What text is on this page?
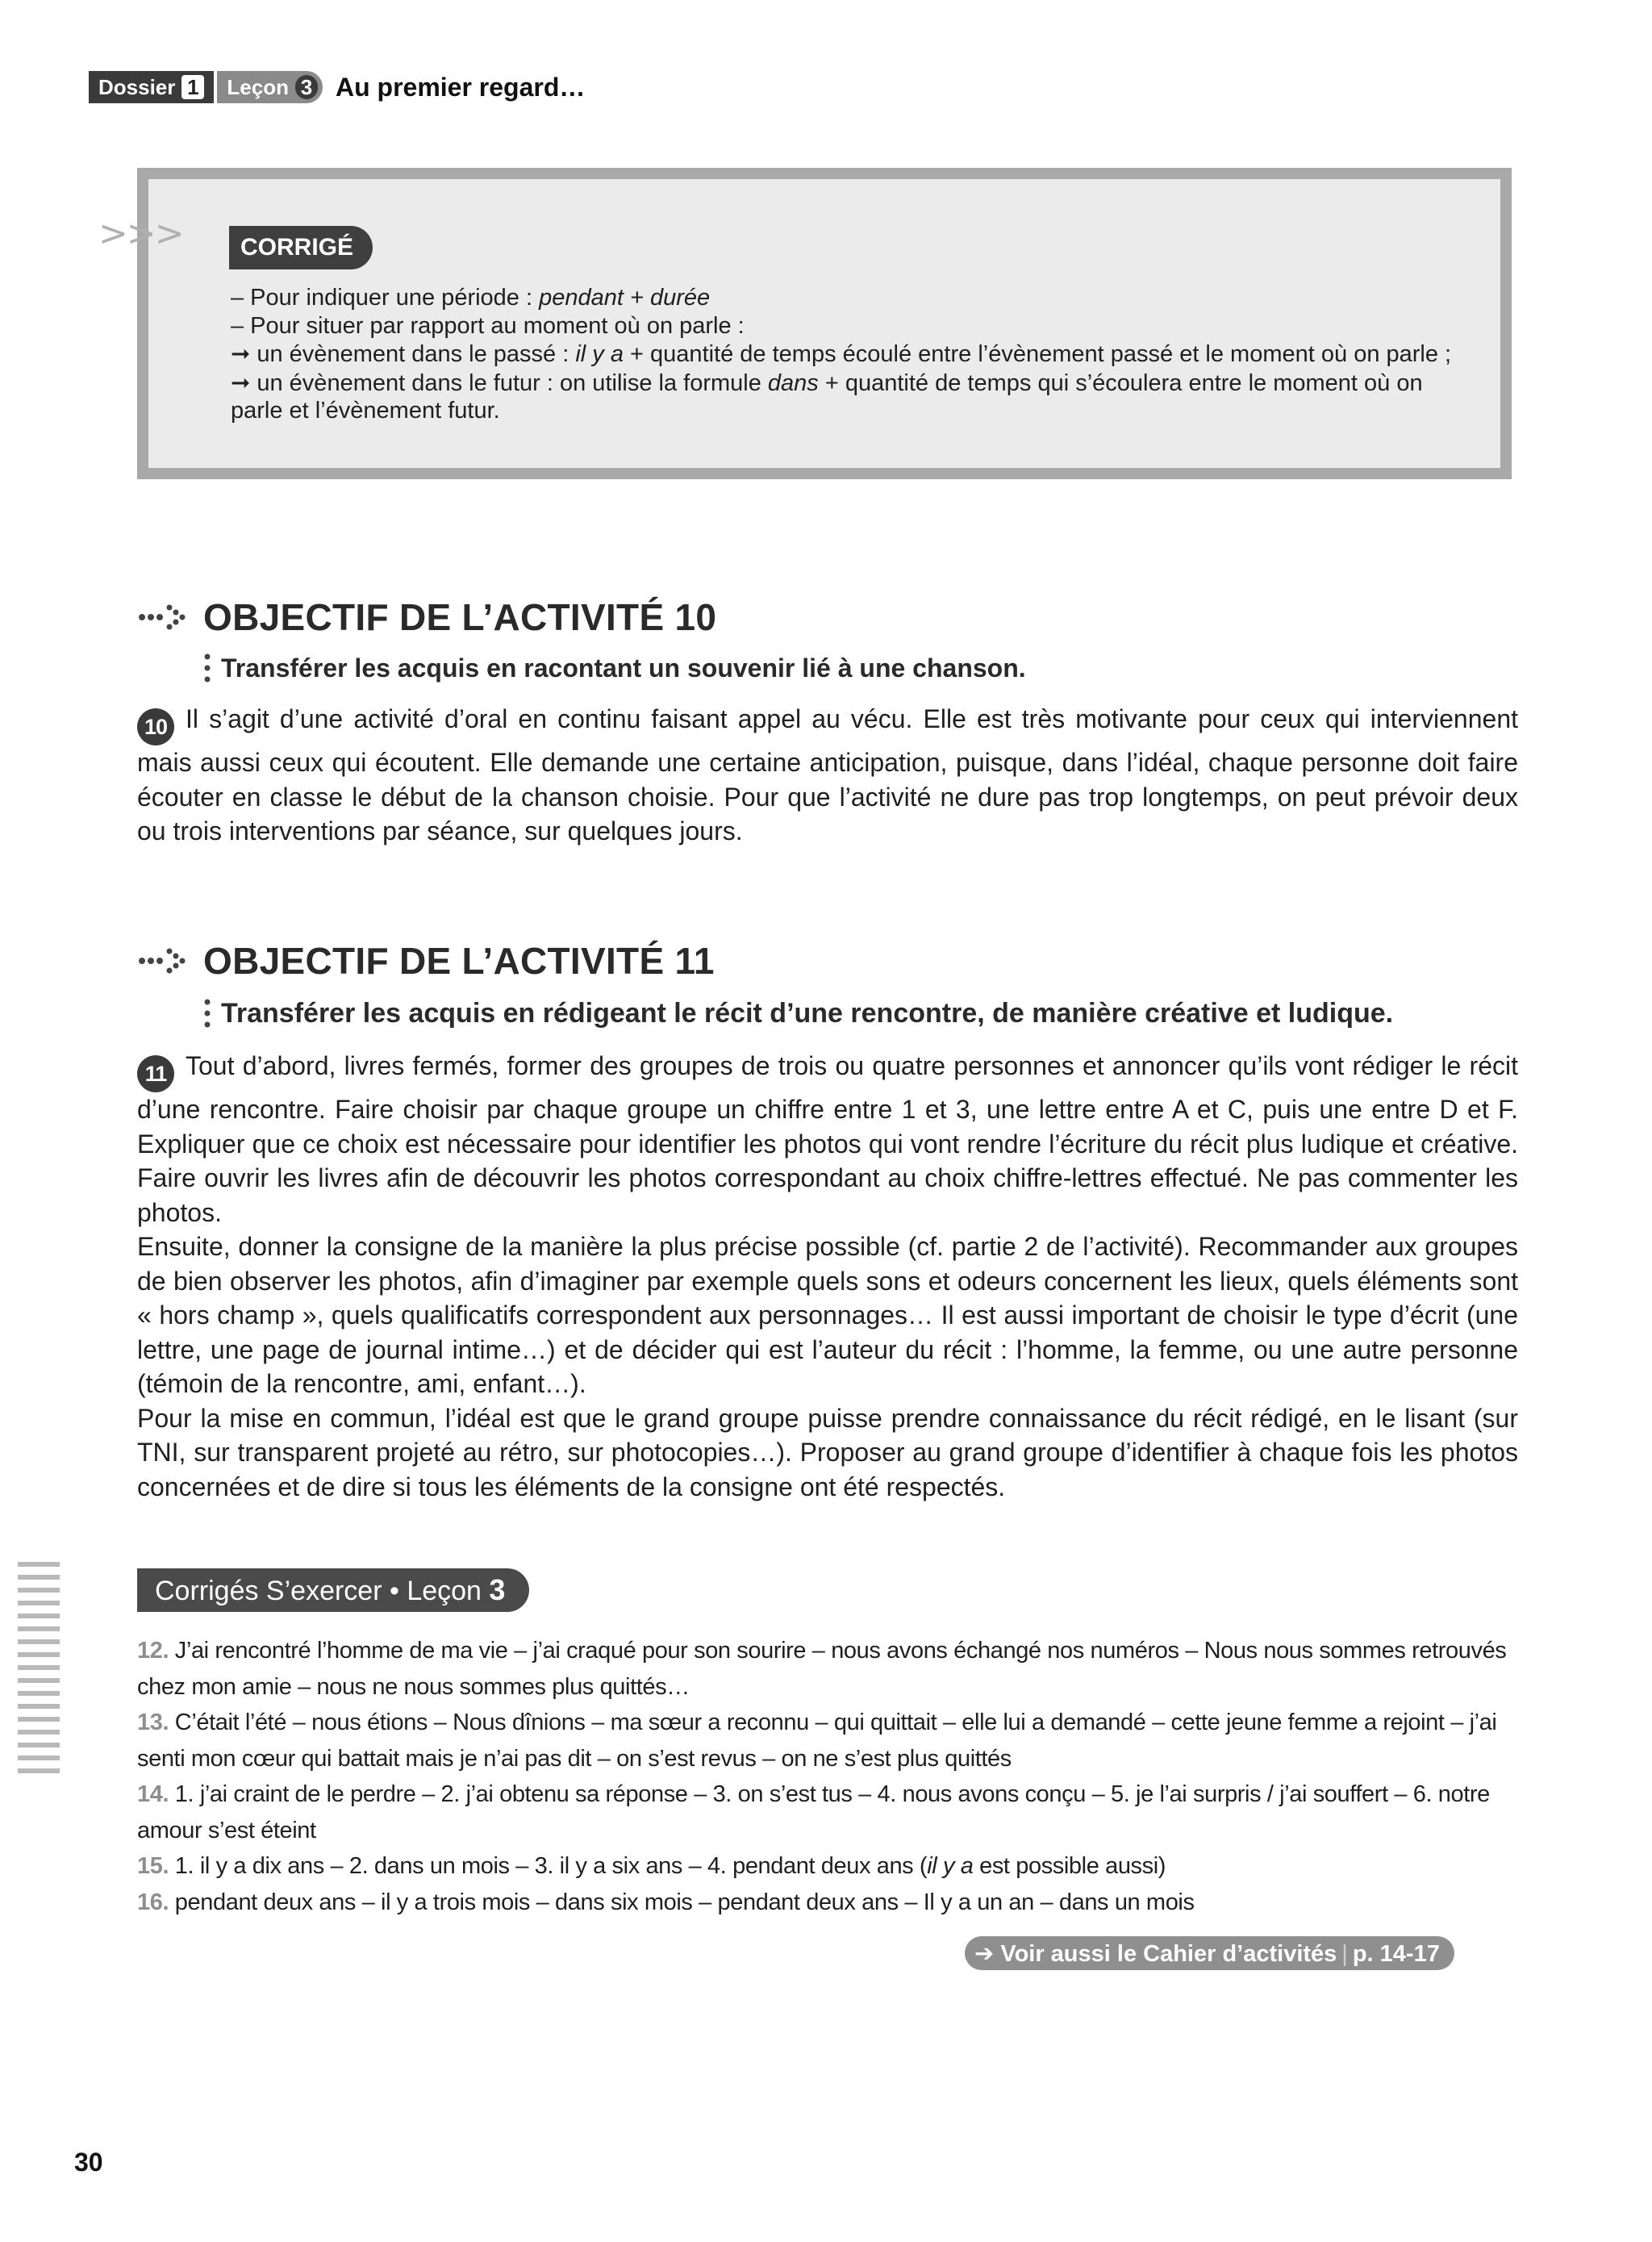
Dossier 1 Leçon 3 Au premier regard…
>>>	CORRIGÉ

– Pour indiquer une période : pendant + durée

– Pour situer par rapport au moment où on parle :

➞ un évènement dans le passé : il y a + quantité de temps écoulé entre l’évènement passé et le moment où on parle ;

➞ un évènement dans le futur : on utilise la formule dans + quantité de temps qui s’écoulera entre le moment où on parle et l’évènement futur.

OBJECTIF DE L’ACTIVITÉ 10
Transférer les acquis en racontant un souvenir lié à une chanson.

10 Il s’agit d’une activité d’oral en continu faisant appel au vécu. Elle est très motivante pour ceux qui interviennent mais aussi ceux qui écoutent. Elle demande une certaine anticipation, puisque, dans l’idéal, chaque personne doit faire écouter en classe le début de la chanson choisie. Pour que l’activité ne dure pas trop longtemps, on peut prévoir deux ou trois interventions par séance, sur quelques jours.

OBJECTIF DE L’ACTIVITÉ 11
Transférer les acquis en rédigeant le récit d’une rencontre, de manière créative et ludique.

11 Tout d’abord, livres fermés, former des groupes de trois ou quatre personnes et annoncer qu’ils vont rédiger le récit d’une rencontre. Faire choisir par chaque groupe un chiffre entre 1 et 3, une lettre entre A et C, puis une entre D et F. Expliquer que ce choix est nécessaire pour identifier les photos qui vont rendre l’écriture du récit plus ludique et créative. Faire ouvrir les livres afin de découvrir les photos correspondant au choix chiffre-lettres effectué. Ne pas commenter les photos.

Ensuite, donner la consigne de la manière la plus précise possible (cf. partie 2 de l’activité). Recommander aux groupes de bien observer les photos, afin d’imaginer par exemple quels sons et odeurs concernent les lieux, quels éléments sont « hors champ », quels qualificatifs correspondent aux personnages… Il est aussi important de choisir le type d’écrit (une lettre, une page de journal intime…) et de décider qui est l’auteur du récit : l’homme, la femme, ou une autre personne (témoin de la rencontre, ami, enfant…).

Pour la mise en commun, l’idéal est que le grand groupe puisse prendre connaissance du récit rédigé, en le lisant (sur TNI, sur transparent projeté au rétro, sur photocopies…). Proposer au grand groupe d’identifier à chaque fois les photos concernées et de dire si tous les éléments de la consigne ont été respectés.

Corrigés S’exercer • Leçon 3

12. J’ai rencontré l’homme de ma vie – j’ai craqué pour son sourire – nous avons échangé nos numéros – Nous nous sommes retrouvés chez mon amie – nous ne nous sommes plus quittés…

13. C’était l’été – nous étions – Nous dînions – ma sœur a reconnu – qui quittait – elle lui a demandé – cette jeune femme a rejoint – j’ai senti mon cœur qui battait mais je n’ai pas dit – on s’est revus – on ne s’est plus quittés

14. 1. j’ai craint de le perdre – 2. j’ai obtenu sa réponse – 3. on s’est tus – 4. nous avons conçu – 5. je l’ai surpris / j’ai souffert – 6. notre amour s’est éteint

15. 1. il y a dix ans – 2. dans un mois – 3. il y a six ans – 4. pendant deux ans (il y a est possible aussi)

16. pendant deux ans – il y a trois mois – dans six mois – pendant deux ans – Il y a un an – dans un mois

➔ Voir aussi le Cahier d’activités | p. 14-17
30
